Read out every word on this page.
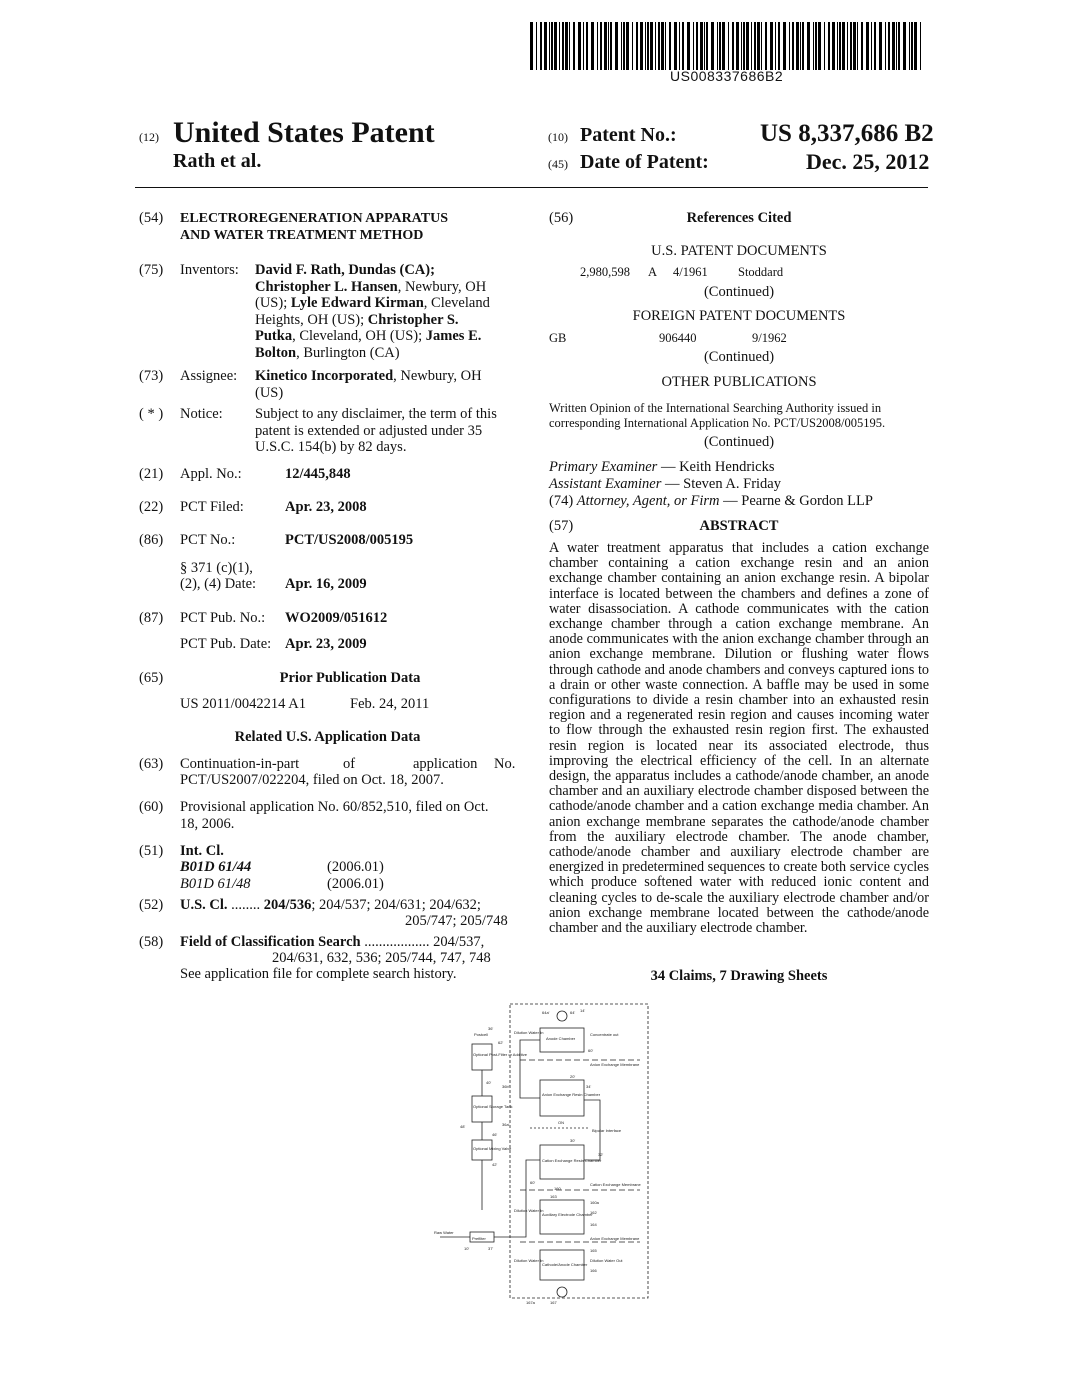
US008337686B2
(12) United States Patent
Rath et al.
(10) Patent No.:	US 8,337,686 B2
(45) Date of Patent:	Dec. 25, 2012
(54) ELECTROREGENERATION APPARATUS
AND WATER TREATMENT METHOD
(75) Inventors: David F. Rath, Dundas (CA);
Christopher L. Hansen, Newbury, OH
(US); Lyle Edward Kirman, Cleveland
Heights, OH (US); Christopher S.
Putka, Cleveland, OH (US); James E.
Bolton, Burlington (CA)
(73) Assignee: Kinetico Incorporated, Newbury, OH
(US)
( * ) Notice: Subject to any disclaimer, the term of this
patent is extended or adjusted under 35
U.S.C. 154(b) by 82 days.
(21) Appl. No.:	12/445,848
(22) PCT Filed:	Apr. 23, 2008
(86) PCT No.:	PCT/US2008/005195
§ 371 (c)(1),
(2), (4) Date: Apr. 16, 2009
(87) PCT Pub. No.: WO2009/051612
PCT Pub. Date: Apr. 23, 2009
(65)	Prior Publication Data
US 2011/0042214 A1	Feb. 24, 2011
Related U.S. Application Data
(63) Continuation-in-part	of	application No.
PCT/US2007/022204, filed on Oct. 18, 2007.
(60) Provisional application No. 60/852,510, filed on Oct.
18, 2006.
(51) Int. Cl.
B01D 61/44	(2006.01)
B01D 61/48	(2006.01)
(52) U.S. Cl. ........ 204/536; 204/537; 204/631; 204/632;
205/747; 205/748
(58) Field of Classification Search .................. 204/537,
204/631, 632, 536; 205/744, 747, 748
See application file for complete search history.
(56)	References Cited
U.S. PATENT DOCUMENTS
2,980,598 A 4/1961 Stoddard
(Continued)
FOREIGN PATENT DOCUMENTS
GB	906440	9/1962
(Continued)
OTHER PUBLICATIONS
Written Opinion of the International Searching Authority issued in
corresponding International Application No. PCT/US2008/005195.
(Continued)
Primary Examiner — Keith Hendricks
Assistant Examiner — Steven A. Friday
(74) Attorney, Agent, or Firm — Pearne & Gordon LLP
(57)	ABSTRACT
A water treatment apparatus that includes a cation exchange chamber containing a cation exchange resin and an anion exchange chamber containing an anion exchange resin. A bipolar interface is located between the chambers and defines a zone of water disassociation. A cathode communicates with the cation exchange chamber through a cation exchange membrane. An anode communicates with the anion exchange chamber through an anion exchange membrane. Dilution or flushing water flows through cathode and anode chambers and conveys captured ions to a drain or other waste connection. A baffle may be used in some configurations to divide a resin chamber into an exhausted resin region and a regenerated resin region and causes incoming water to flow through the exhausted resin region first. The exhausted resin region is located near its associated electrode, thus improving the electrical efficiency of the cell. In an alternate design, the apparatus includes a cathode/anode chamber, an anode chamber and an auxiliary electrode chamber disposed between the cathode/anode chamber and a cation exchange media chamber. An anion exchange membrane separates the cathode/anode chamber from the auxiliary electrode chamber. The anode chamber, cathode/anode chamber and auxiliary electrode chamber are energized in predetermined sequences to create both service cycles which produce softened water with reduced ionic content and cleaning cycles to de-scale the auxiliary electrode chamber and/or anion exchange membrane located between the cathode/anode chamber and the auxiliary electrode chamber.
34 Claims, 7 Drawing Sheets
14'
64a'	64'
Postcell
36'
Dilution Water In
Anode Chamber
Concentrate out
Anion Exchange Membrane
Optional Post-Filter or Additive
Optional Storage Tank
Optional Mixing Valve
Anion Exchange Resin Chamber
Bipolar Interface
Cation Exchange Resin Chamber
Cation Exchange Membrane
Auxiliary Electrode Chamber
Anion Exchange Membrane
Cathode/Anode Chamber
Raw Water
Prefilter
Dilution Water Out
Dilution Water In
Dilution Water In
ON
167
167a
10'	37'
166
165
164
160a
162
163
34'
60'
36b'
36a'
48'
62'
40'
32'
20'
30'
46'
42'
60'
160
